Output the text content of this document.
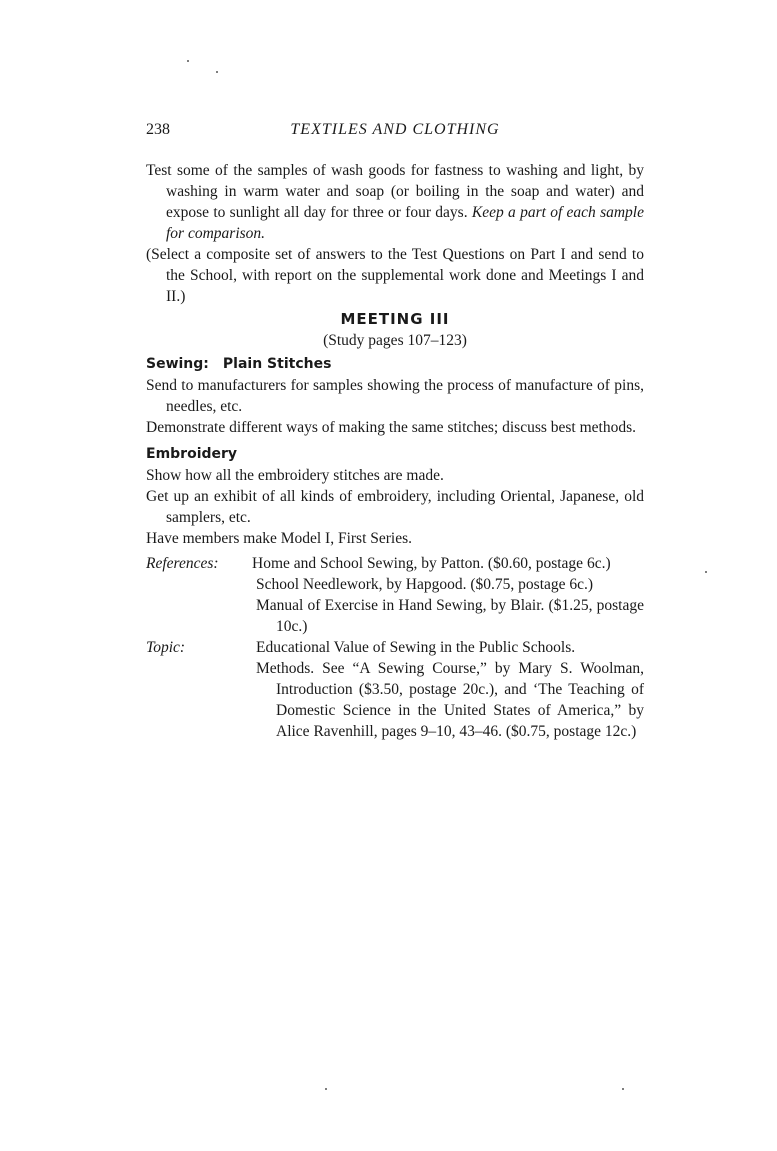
238	TEXTILES AND CLOTHING

Test some of the samples of wash goods for fastness to washing and light, by washing in warm water and soap (or boiling in the soap and water) and expose to sunlight all day for three or four days. Keep a part of each sample for comparison.

(Select a composite set of answers to the Test Questions on Part I and send to the School, with report on the supplemental work done and Meetings I and II.)

MEETING III
(Study pages 107–123)
Sewing: Plain Stitches

Send to manufacturers for samples showing the process of manufacture of pins, needles, etc.

Demonstrate different ways of making the same stitches; discuss best methods.

Embroidery

Show how all the embroidery stitches are made.

Get up an exhibit of all kinds of embroidery, including Oriental, Japanese, old samplers, etc.

Have members make Model I, First Series.

References:	Home and School Sewing, by Patton. ($0.60, postage 6c.)

School Needlework, by Hapgood. ($0.75, postage 6c.)

Manual of Exercise in Hand Sewing, by Blair. ($1.25, postage 10c.)

Topic:	Educational Value of Sewing in the Public Schools.

Methods. See “A Sewing Course,” by Mary S. Woolman, Introduction ($3.50, postage 20c.), and ‘The Teaching of Domestic Science in the United States of America,” by Alice Ravenhill, pages 9–10, 43–46. ($0.75, postage 12c.)
